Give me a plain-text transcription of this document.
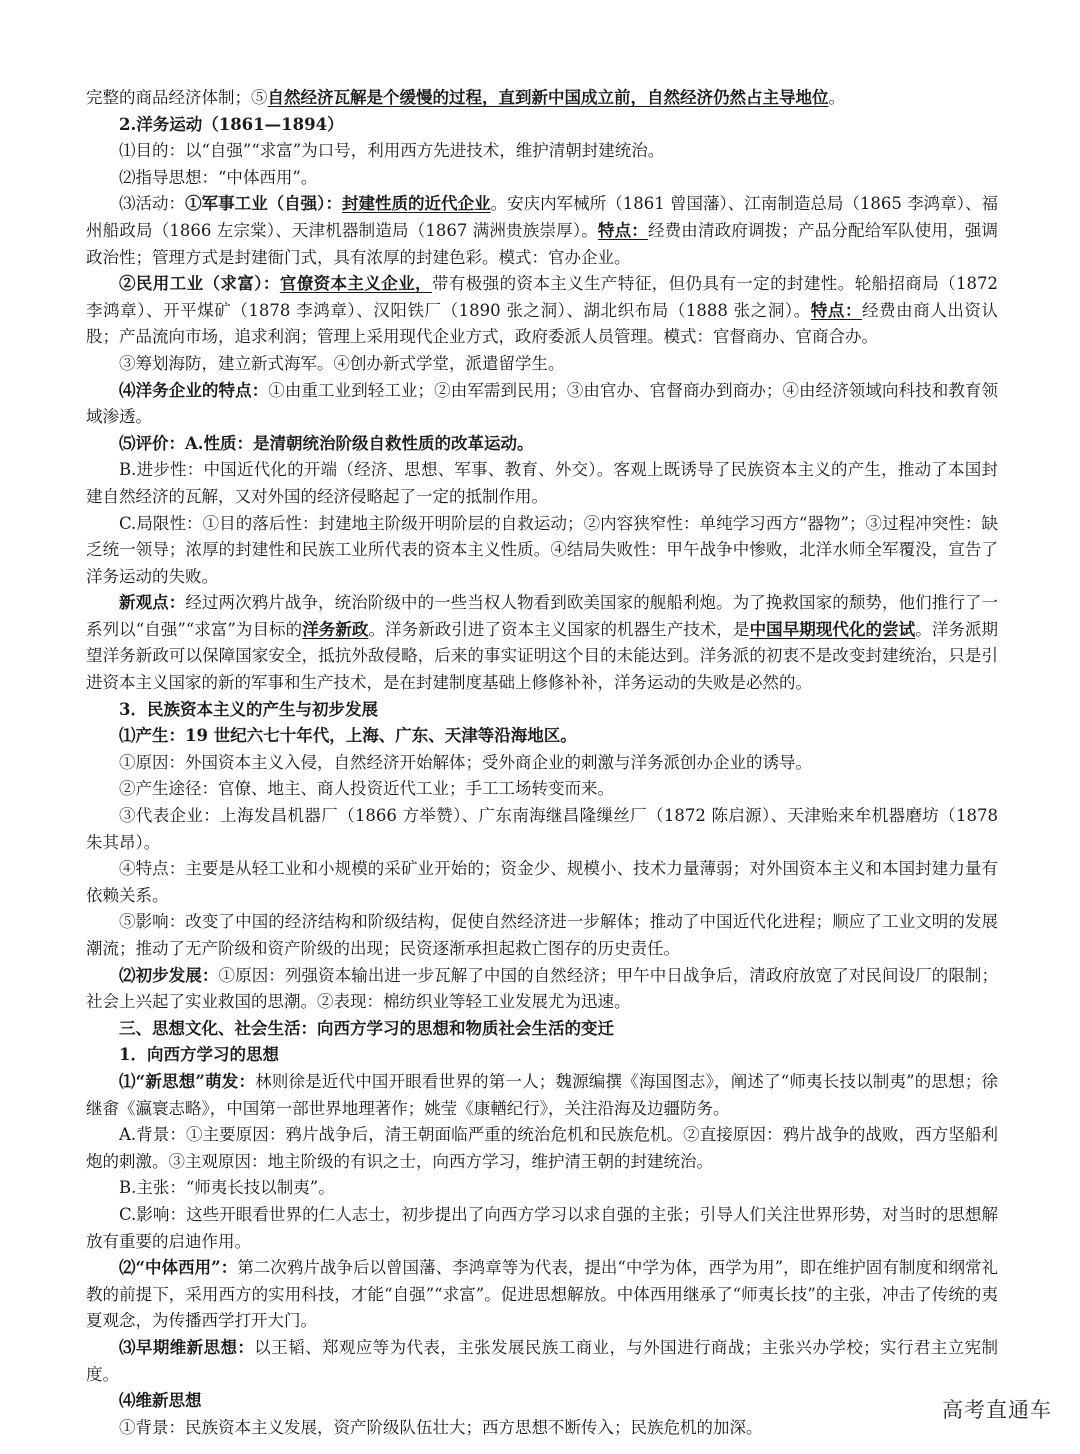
完整的商品经济体制；⑤自然经济瓦解是个缓慢的过程，直到新中国成立前，自然经济仍然占主导地位。

2.洋务运动（1861—1894）

⑴目的：以“自强”“求富”为口号，利用西方先进技术，维护清朝封建统治。

⑵指导思想：“中体西用”。

⑶活动：①军事工业（自强）：封建性质的近代企业。安庆内军械所（1861 曾国藩）、江南制造总局（1865 李鸿章）、福州船政局（1866 左宗棠）、天津机器制造局（1867 满洲贵族崇厚）。特点：经费由清政府调拨；产品分配给军队使用，强调政治性；管理方式是封建衙门式，具有浓厚的封建色彩。模式：官办企业。

②民用工业（求富）：官僚资本主义企业，带有极强的资本主义生产特征，但仍具有一定的封建性。轮船招商局（1872 李鸿章）、开平煤矿（1878 李鸿章）、汉阳铁厂（1890 张之洞）、湖北织布局（1888 张之洞）。特点：经费由商人出资认股；产品流向市场，追求利润；管理上采用现代企业方式，政府委派人员管理。模式：官督商办、官商合办。

③筹划海防，建立新式海军。④创办新式学堂，派遣留学生。

⑷洋务企业的特点：①由重工业到轻工业；②由军需到民用；③由官办、官督商办到商办；④由经济领域向科技和教育领域渗透。

⑸评价：A.性质：是清朝统治阶级自救性质的改革运动。

B.进步性：中国近代化的开端（经济、思想、军事、教育、外交）。客观上既诱导了民族资本主义的产生，推动了本国封建自然经济的瓦解，又对外国的经济侵略起了一定的抵制作用。

C.局限性：①目的落后性：封建地主阶级开明阶层的自救运动；②内容狭窄性：单纯学习西方“器物”；③过程冲突性：缺乏统一领导；浓厚的封建性和民族工业所代表的资本主义性质。④结局失败性：甲午战争中惨败，北洋水师全军覆没，宣告了洋务运动的失败。

新观点：经过两次鸦片战争，统治阶级中的一些当权人物看到欧美国家的舰船利炮。为了挽救国家的颓势，他们推行了一系列以“自强”“求富”为目标的洋务新政。洋务新政引进了资本主义国家的机器生产技术，是中国早期现代化的尝试。洋务派期望洋务新政可以保障国家安全，抵抗外敌侵略，后来的事实证明这个目的未能达到。洋务派的初衷不是改变封建统治，只是引进资本主义国家的新的军事和生产技术，是在封建制度基础上修修补补，洋务运动的失败是必然的。

3．民族资本主义的产生与初步发展

⑴产生：19 世纪六七十年代，上海、广东、天津等沿海地区。

①原因：外国资本主义入侵，自然经济开始解体；受外商企业的刺激与洋务派创办企业的诱导。

②产生途径：官僚、地主、商人投资近代工业；手工工场转变而来。

③代表企业：上海发昌机器厂（1866 方举赞）、广东南海继昌隆缫丝厂（1872 陈启源）、天津贻来牟机器磨坊（1878 朱其昂）。

④特点：主要是从轻工业和小规模的采矿业开始的；资金少、规模小、技术力量薄弱；对外国资本主义和本国封建力量有依赖关系。

⑤影响：改变了中国的经济结构和阶级结构，促使自然经济进一步解体；推动了中国近代化进程；顺应了工业文明的发展潮流；推动了无产阶级和资产阶级的出现；民资逐渐承担起救亡图存的历史责任。

⑵初步发展：①原因：列强资本输出进一步瓦解了中国的自然经济；甲午中日战争后，清政府放宽了对民间设厂的限制；社会上兴起了实业救国的思潮。②表现：棉纺织业等轻工业发展尤为迅速。

三、思想文化、社会生活：向西方学习的思想和物质社会生活的变迁

1．向西方学习的思想

⑴“新思想”萌发：林则徐是近代中国开眼看世界的第一人；魏源编撰《海国图志》，阐述了“师夷长技以制夷”的思想；徐继畬《瀛寰志略》，中国第一部世界地理著作；姚莹《康輶纪行》，关注沿海及边疆防务。

A.背景：①主要原因：鸦片战争后，清王朝面临严重的统治危机和民族危机。②直接原因：鸦片战争的战败，西方坚船利炮的刺激。③主观原因：地主阶级的有识之士，向西方学习，维护清王朝的封建统治。

B.主张：“师夷长技以制夷”。

C.影响：这些开眼看世界的仁人志士，初步提出了向西方学习以求自强的主张；引导人们关注世界形势，对当时的思想解放有重要的启迪作用。

⑵“中体西用”：第二次鸦片战争后以曾国藩、李鸿章等为代表，提出“中学为体，西学为用”，即在维护固有制度和纲常礼教的前提下，采用西方的实用科技，才能“自强”“求富”。促进思想解放。中体西用继承了“师夷长技”的主张，冲击了传统的夷夏观念，为传播西学打开大门。

⑶早期维新思想：以王韬、郑观应等为代表，主张发展民族工商业，与外国进行商战；主张兴办学校；实行君主立宪制度。

⑷维新思想

①背景：民族资本主义发展，资产阶级队伍壮大；西方思想不断传入；民族危机的加深。

高考直通车
